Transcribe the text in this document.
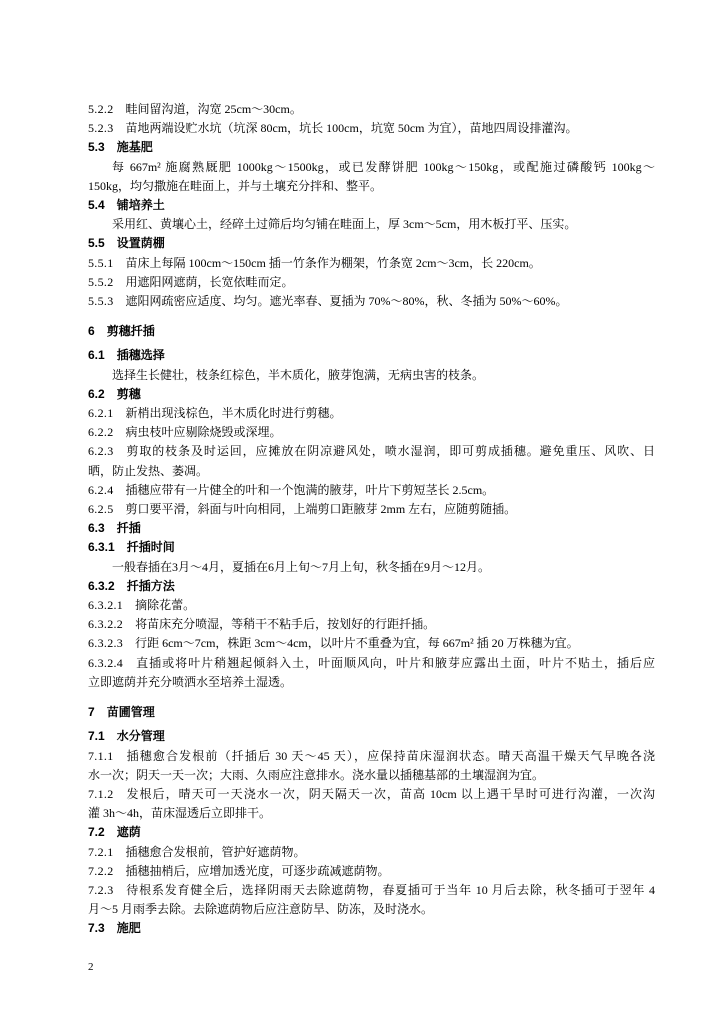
5.2.2 畦间留沟道，沟宽 25cm～30cm。
5.2.3 苗地两端设贮水坑（坑深 80cm，坑长 100cm，坑宽 50cm 为宜），苗地四周设排灌沟。
5.3 施基肥
每 667m² 施腐熟厩肥 1000kg～1500kg，或已发酵饼肥 100kg～150kg，或配施过磷酸钙 100kg～
150kg，均匀撒施在畦面上，并与土壤充分拌和、整平。
5.4 铺培养土
采用红、黄壤心土，经碎土过筛后均匀铺在畦面上，厚 3cm～5cm，用木板打平、压实。
5.5 设置荫棚
5.5.1 苗床上每隔 100cm～150cm 插一竹条作为棚架，竹条宽 2cm～3cm，长 220cm。
5.5.2 用遮阳网遮荫，长宽依畦而定。
5.5.3 遮阳网疏密应适度、均匀。遮光率春、夏插为 70%～80%，秋、冬插为 50%～60%。
6 剪穗扦插
6.1 插穗选择
选择生长健壮，枝条红棕色，半木质化，腋芽饱满，无病虫害的枝条。
6.2 剪穗
6.2.1 新梢出现浅棕色，半木质化时进行剪穗。
6.2.2 病虫枝叶应剔除烧毁或深埋。
6.2.3 剪取的枝条及时运回，应摊放在阴凉避风处，喷水湿润，即可剪成插穗。避免重压、风吹、日
晒，防止发热、萎凋。
6.2.4 插穗应带有一片健全的叶和一个饱满的腋芽，叶片下剪短茎长 2.5cm。
6.2.5 剪口要平滑，斜面与叶向相同，上端剪口距腋芽 2mm 左右，应随剪随插。
6.3 扦插
6.3.1 扦插时间
一般春插在3月～4月，夏插在6月上旬～7月上旬，秋冬插在9月～12月。
6.3.2 扦插方法
6.3.2.1 摘除花蕾。
6.3.2.2 将苗床充分喷湿，等稍干不粘手后，按划好的行距扦插。
6.3.2.3 行距 6cm～7cm，株距 3cm～4cm，以叶片不重叠为宜，每 667m² 插 20 万株穗为宜。
6.3.2.4 直插或将叶片稍翘起倾斜入土，叶面顺风向，叶片和腋芽应露出土面，叶片不贴土，插后应
立即遮荫并充分喷洒水至培养土湿透。
7 苗圃管理
7.1 水分管理
7.1.1 插穗愈合发根前（扦插后 30 天～45 天），应保持苗床湿润状态。晴天高温干燥天气早晚各浇
水一次；阴天一天一次；大雨、久雨应注意排水。浇水量以插穗基部的土壤湿润为宜。
7.1.2 发根后，晴天可一天浇水一次，阴天隔天一次，苗高 10cm 以上遇干旱时可进行沟灌，一次沟
灌 3h～4h，苗床湿透后立即排干。
7.2 遮荫
7.2.1 插穗愈合发根前，管护好遮荫物。
7.2.2 插穗抽梢后，应增加透光度，可逐步疏减遮荫物。
7.2.3 待根系发育健全后，选择阴雨天去除遮荫物，春夏插可于当年 10 月后去除，秋冬插可于翌年 4
月～5 月雨季去除。去除遮荫物后应注意防旱、防冻，及时浇水。
7.3 施肥
2
